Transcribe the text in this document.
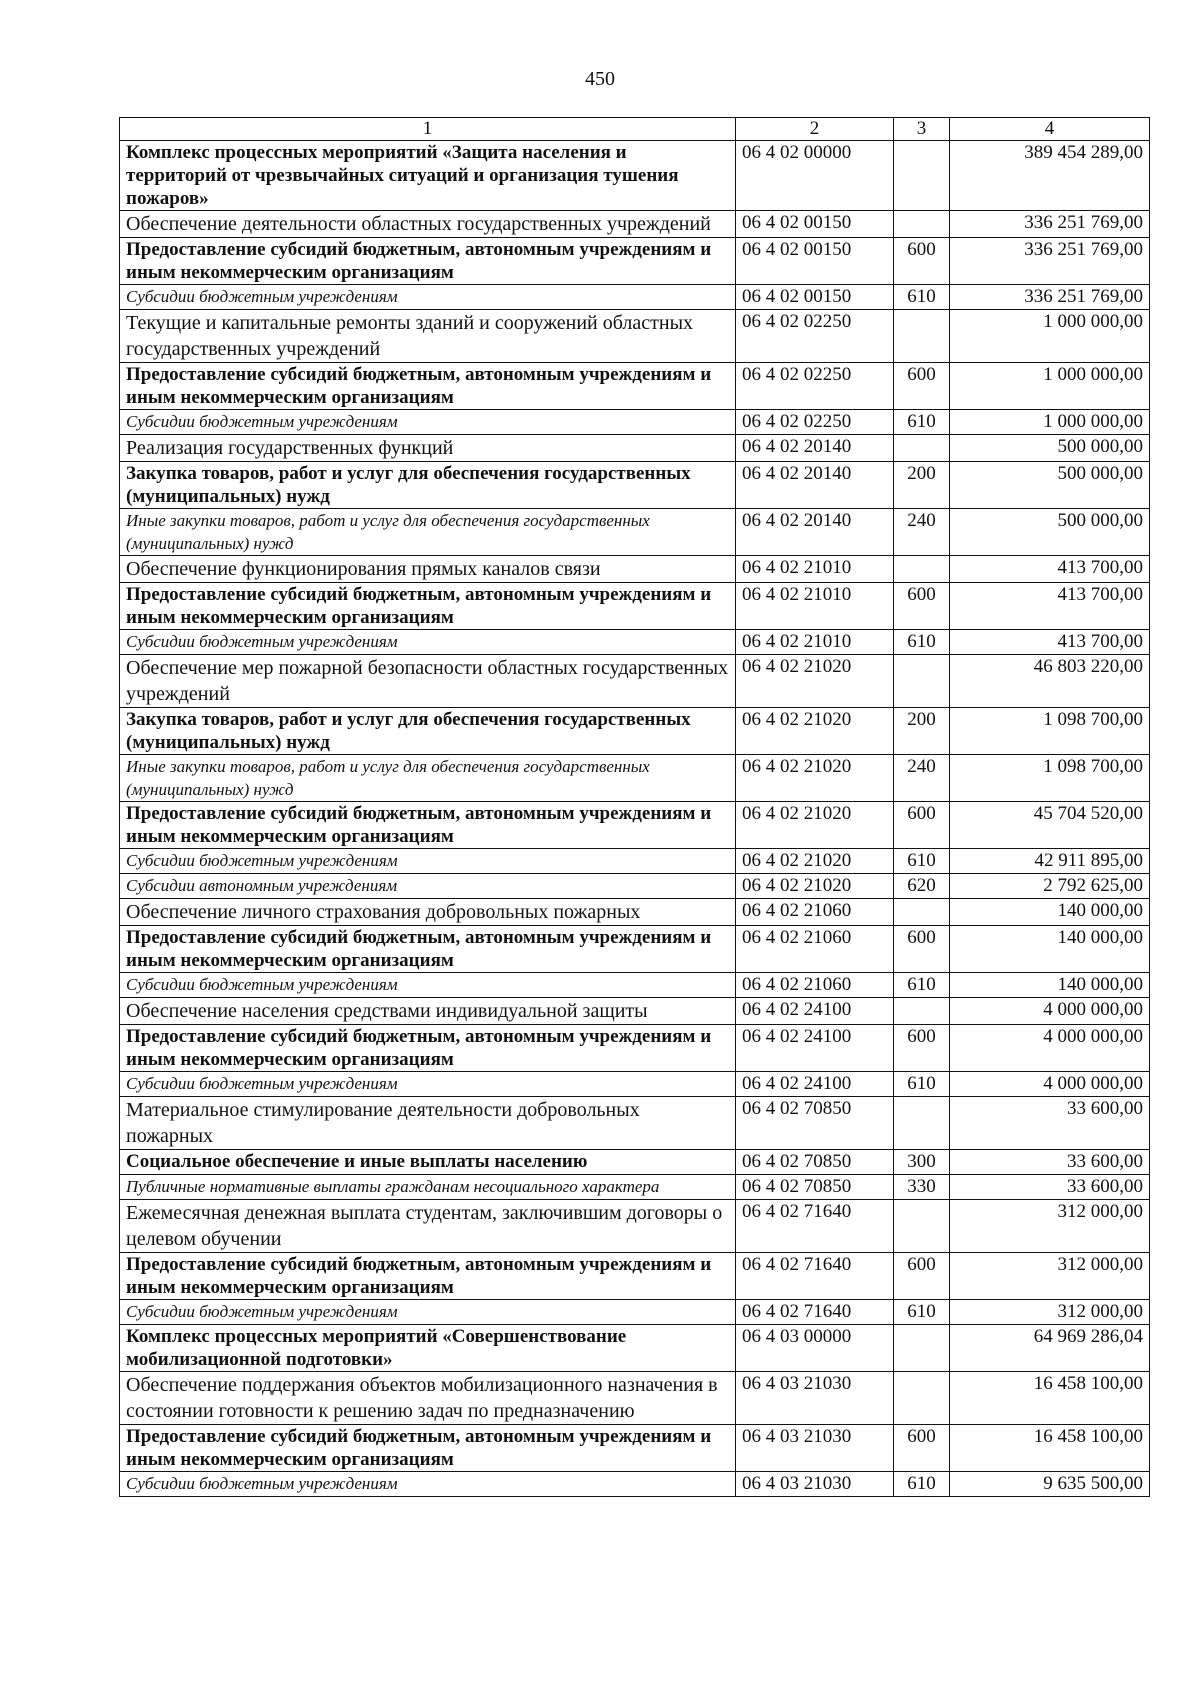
450
1	2	3	4
Комплекс процессных мероприятий «Защита населения и территорий от чрезвычайных ситуаций и организация тушения пожаров»	06 4 02 00000		389 454 289,00
Обеспечение деятельности областных государственных учреждений	06 4 02 00150		336 251 769,00
Предоставление субсидий бюджетным, автономным учреждениям и иным некоммерческим организациям	06 4 02 00150	600	336 251 769,00
Субсидии бюджетным учреждениям	06 4 02 00150	610	336 251 769,00
Текущие и капитальные ремонты зданий и сооружений областных государственных учреждений	06 4 02 02250		1 000 000,00
Предоставление субсидий бюджетным, автономным учреждениям и иным некоммерческим организациям	06 4 02 02250	600	1 000 000,00
Субсидии бюджетным учреждениям	06 4 02 02250	610	1 000 000,00
Реализация государственных функций	06 4 02 20140		500 000,00
Закупка товаров, работ и услуг для обеспечения государственных (муниципальных) нужд	06 4 02 20140	200	500 000,00
Иные закупки товаров, работ и услуг для обеспечения государственных (муниципальных) нужд	06 4 02 20140	240	500 000,00
Обеспечение функционирования прямых каналов связи	06 4 02 21010		413 700,00
Предоставление субсидий бюджетным, автономным учреждениям и иным некоммерческим организациям	06 4 02 21010	600	413 700,00
Субсидии бюджетным учреждениям	06 4 02 21010	610	413 700,00
Обеспечение мер пожарной безопасности областных государственных учреждений	06 4 02 21020		46 803 220,00
Закупка товаров, работ и услуг для обеспечения государственных (муниципальных) нужд	06 4 02 21020	200	1 098 700,00
Иные закупки товаров, работ и услуг для обеспечения государственных (муниципальных) нужд	06 4 02 21020	240	1 098 700,00
Предоставление субсидий бюджетным, автономным учреждениям и иным некоммерческим организациям	06 4 02 21020	600	45 704 520,00
Субсидии бюджетным учреждениям	06 4 02 21020	610	42 911 895,00
Субсидии автономным учреждениям	06 4 02 21020	620	2 792 625,00
Обеспечение личного страхования добровольных пожарных	06 4 02 21060		140 000,00
Предоставление субсидий бюджетным, автономным учреждениям и иным некоммерческим организациям	06 4 02 21060	600	140 000,00
Субсидии бюджетным учреждениям	06 4 02 21060	610	140 000,00
Обеспечение населения средствами индивидуальной защиты	06 4 02 24100		4 000 000,00
Предоставление субсидий бюджетным, автономным учреждениям и иным некоммерческим организациям	06 4 02 24100	600	4 000 000,00
Субсидии бюджетным учреждениям	06 4 02 24100	610	4 000 000,00
Материальное стимулирование деятельности добровольных пожарных	06 4 02 70850		33 600,00
Социальное обеспечение и иные выплаты населению	06 4 02 70850	300	33 600,00
Публичные нормативные выплаты гражданам несоциального характера	06 4 02 70850	330	33 600,00
Ежемесячная денежная выплата студентам, заключившим договоры о целевом обучении	06 4 02 71640		312 000,00
Предоставление субсидий бюджетным, автономным учреждениям и иным некоммерческим организациям	06 4 02 71640	600	312 000,00
Субсидии бюджетным учреждениям	06 4 02 71640	610	312 000,00
Комплекс процессных мероприятий «Совершенствование мобилизационной подготовки»	06 4 03 00000		64 969 286,04
Обеспечение поддержания объектов мобилизационного назначения в состоянии готовности к решению задач по предназначению	06 4 03 21030		16 458 100,00
Предоставление субсидий бюджетным, автономным учреждениям и иным некоммерческим организациям	06 4 03 21030	600	16 458 100,00
Субсидии бюджетным учреждениям	06 4 03 21030	610	9 635 500,00
